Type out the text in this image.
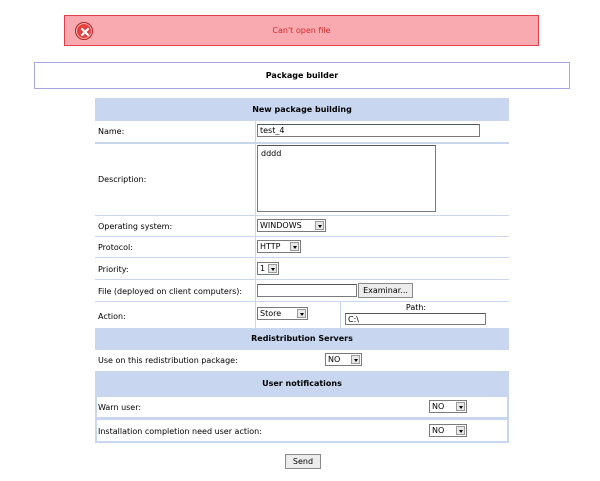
Can't open file
Package builder
New package building
Name:
test_4
Description:
dddd
Operating system:	WINDOWS
Protocol:	HTTP
Priority:	1
File (deployed on client computers):	Examinar...
Action:	Store
Path:
C:\
Redistribution Servers
Use on this redistribution package:	NO
User notifications
Warn user:	NO
Installation completion need user action:	NO
Send
